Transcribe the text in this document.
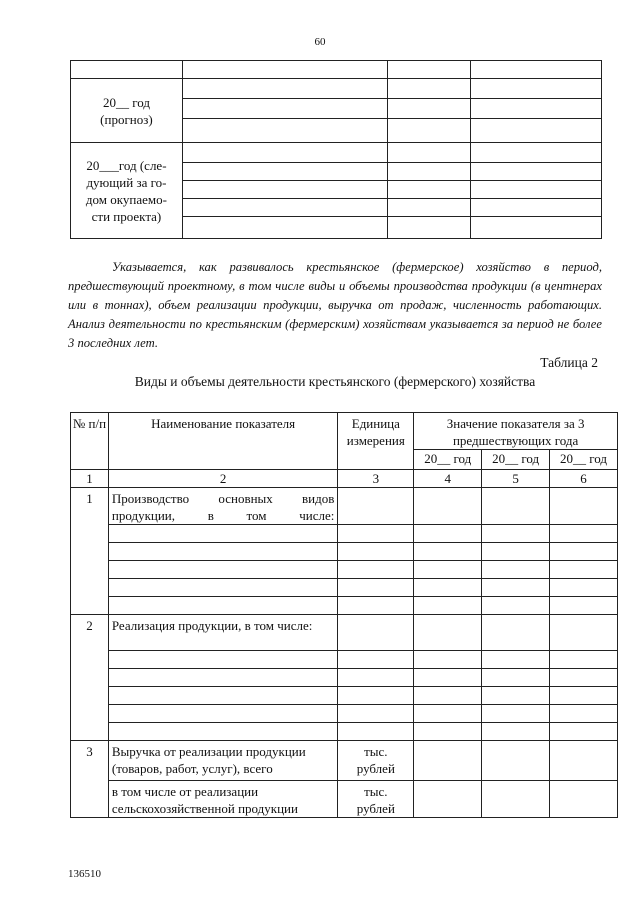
60

20__ год
(прогноз)			

20___год (сле-
дующий за го-
дом окупаемо-
сти проекта)			

Указывается, как развивалось крестьянское (фермерское) хозяйство в период, предшествующий проектному, в том числе виды и объемы производства продукции (в центнерах или в тоннах), объем реализации продукции, выручка от продаж, численность работающих. Анализ деятельности по крестьянским (фермерским) хозяйствам указывается за период не более 3 последних лет.

Таблица 2
Виды и объемы деятельности крестьянского (фермерского) хозяйства
№ п/п	Наименование показателя	Единица измерения	Значение показателя за 3 предшествующих года		
			20__ год	20__ год	20__ год
1	2	3	4	5	6
1	Производство основных видов продукции, в том числе:				

2	Реализация продукции, в том числе:				

3	Выручка от реализации продукции (товаров, работ, услуг), всего	тыс. рублей			
	в том числе от реализации сельскохозяйственной продукции	тыс. рублей			
136510
